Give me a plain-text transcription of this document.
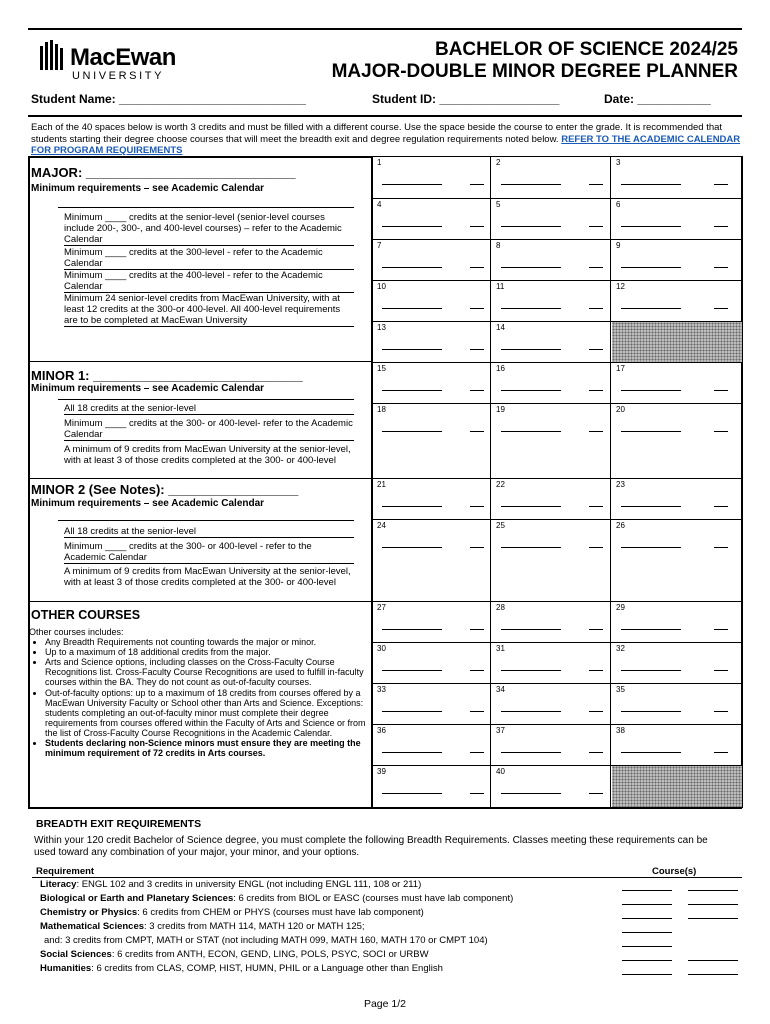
MacEwan
UNIVERSITY
BACHELOR OF SCIENCE 2024/25
MAJOR-DOUBLE MINOR DEGREE PLANNER
Student Name: ____________________________	Student ID: __________________	Date: ___________
Each of the 40 spaces below is worth 3 credits and must be filled with a different course. Use the space beside the course to enter the grade. It is recommended that students starting their degree choose courses that will meet the breadth exit and degree regulation requirements noted below. REFER TO THE ACADEMIC CALENDAR FOR PROGRAM REQUIREMENTS
MAJOR: _____________________________
Minimum requirements – see Academic Calendar
Minimum ____ credits at the senior-level (senior-level courses include 200-, 300-, and 400-level courses) – refer to the Academic Calendar
Minimum ____ credits at the 300-level - refer to the Academic Calendar
Minimum ____ credits at the 400-level - refer to the Academic Calendar
Minimum 24 senior-level credits from MacEwan University, with at least 12 credits at the 300-or 400-level. All 400-level requirements are to be completed at MacEwan University
MINOR 1: _____________________________
Minimum requirements – see Academic Calendar
All 18 credits at the senior-level
Minimum ____ credits at the 300- or 400-level- refer to the Academic Calendar
A minimum of 9 credits from MacEwan University at the senior-level, with at least 3 of those credits completed at the 300- or 400-level
MINOR 2 (See Notes): __________________
Minimum requirements – see Academic Calendar
All 18 credits at the senior-level
Minimum ____ credits at the 300- or 400-level - refer to the Academic Calendar
A minimum of 9 credits from MacEwan University at the senior-level, with at least 3 of those credits completed at the 300- or 400-level
OTHER COURSES
Other courses includes:
• Any Breadth Requirements not counting towards the major or minor.
• Up to a maximum of 18 additional credits from the major.
• Arts and Science options, including classes on the Cross-Faculty Course Recognitions list. Cross-Faculty Course Recognitions are used to fulfill in-faculty courses within the BA. They do not count as out-of-faculty courses.
• Out-of-faculty options: up to a maximum of 18 credits from courses offered by a MacEwan University Faculty or School other than Arts and Science. Exceptions: students completing an out-of-faculty minor must complete their degree requirements from courses offered within the Faculty of Arts and Science or from the list of Cross-Faculty Course Recognitions in the Academic Calendar.
• Students declaring non-Science minors must ensure they are meeting the minimum requirement of 72 credits in Arts courses.
1	2	3
4	5	6
7	8	9
10	11	12
13	14
15	16	17
18	19	20
21	22	23
24	25	26
27	28	29
30	31	32
33	34	35
36	37	38
39	40
BREADTH EXIT REQUIREMENTS
Within your 120 credit Bachelor of Science degree, you must complete the following Breadth Requirements. Classes meeting these requirements can be used toward any combination of your major, your minor, and your options.
Requirement	Course(s)
Literacy: ENGL 102 and 3 credits in university ENGL (not including ENGL 111, 108 or 211)
Biological or Earth and Planetary Sciences: 6 credits from BIOL or EASC (courses must have lab component)
Chemistry or Physics: 6 credits from CHEM or PHYS (courses must have lab component)
Mathematical Sciences: 3 credits from MATH 114, MATH 120 or MATH 125;
and: 3 credits from CMPT, MATH or STAT (not including MATH 099, MATH 160, MATH 170 or CMPT 104)
Social Sciences: 6 credits from ANTH, ECON, GEND, LING, POLS, PSYC, SOCI or URBW
Humanities: 6 credits from CLAS, COMP, HIST, HUMN, PHIL or a Language other than English
Page 1/2
